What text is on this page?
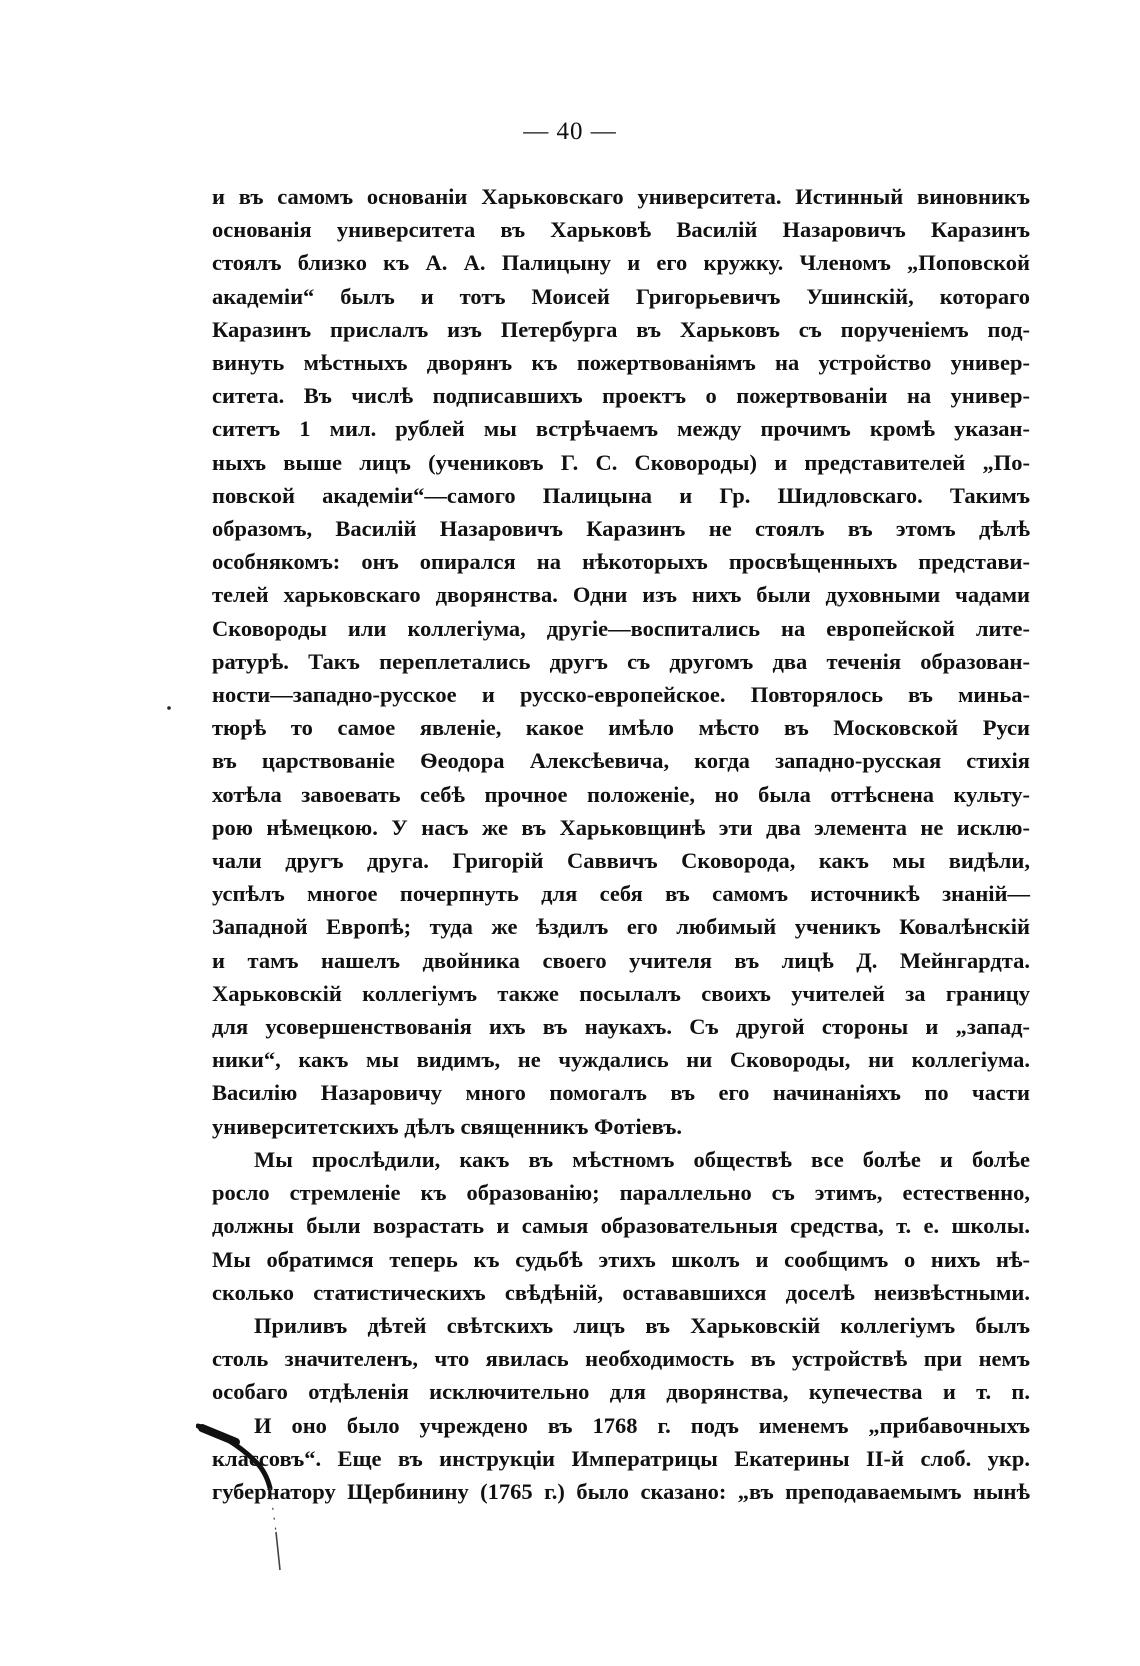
— 40 —
и въ самомъ основанiи Харьковскаго университета. Истинный виновникъ
основанiя университета въ Харьковѣ Василiй Назаровичъ Каразинъ
стоялъ близко къ А. А. Палицыну и его кружку. Членомъ „Поповской
академiи“ былъ и тотъ Моисей Григорьевичъ Ушинскiй, котораго
Каразинъ прислалъ изъ Петербурга въ Харьковъ съ порученiемъ под-
винуть мѣстныхъ дворянъ къ пожертвованiямъ на устройство универ-
ситета. Въ числѣ подписавшихъ проектъ о пожертвованiи на универ-
ситетъ 1 мил. рублей мы встрѣчаемъ между прочимъ кромѣ указан-
ныхъ выше лицъ (учениковъ Г. С. Сковороды) и представителей „По-
повской академiи“—самого Палицына и Гр. Шидловскаго. Такимъ
образомъ, Василiй Назаровичъ Каразинъ не стоялъ въ этомъ дѣлѣ
особнякомъ: онъ опирался на нѣкоторыхъ просвѣщенныхъ представи-
телей харьковскаго дворянства. Одни изъ нихъ были духовными чадами
Сковороды или коллегiума, другiе—воспитались на европейской лите-
ратурѣ. Такъ переплетались другъ съ другомъ два теченiя образован-
ности—западно-русское и русско-европейское. Повторялось въ миньа-
тюрѣ то самое явленiе, какое имѣло мѣсто въ Московской Руси
въ царствованiе Ѳеодора Алексѣевича, когда западно-русская стихiя
хотѣла завоевать себѣ прочное положенiе, но была оттѣснена культу-
рою нѣмецкою. У насъ же въ Харьковщинѣ эти два элемента не исклю-
чали другъ друга. Григорiй Саввичъ Сковорода, какъ мы видѣли,
успѣлъ многое почерпнуть для себя въ самомъ источникѣ знанiй—
Западной Европѣ; туда же ѣздилъ его любимый ученикъ Ковалѣнскiй
и тамъ нашелъ двойника своего учителя въ лицѣ Д. Мейнгардта.
Харьковскiй коллегiумъ также посылалъ своихъ учителей за границу
для усовершенствованiя ихъ въ наукахъ. Съ другой стороны и „запад-
ники“, какъ мы видимъ, не чуждались ни Сковороды, ни коллегiума.
Василiю Назаровичу много помогалъ въ его начинанiяхъ по части
университетскихъ дѣлъ священникъ Фотiевъ.
Мы прослѣдили, какъ въ мѣстномъ обществѣ все болѣе и болѣе
росло стремленiе къ образованiю; параллельно съ этимъ, естественно,
должны были возрастать и самыя образовательныя средства, т. е. школы.
Мы обратимся теперь къ судьбѣ этихъ школъ и сообщимъ о нихъ нѣ-
сколько статистическихъ свѣдѣнiй, остававшихся доселѣ неизвѣстными.
Приливъ дѣтей свѣтскихъ лицъ въ Харьковскiй коллегiумъ былъ
столь значителенъ, что явилась необходимость въ устройствѣ при немъ
особаго отдѣленiя исключительно для дворянства, купечества и т. п.
И оно было учреждено въ 1768 г. подъ именемъ „прибавочныхъ
классовъ“. Еще въ инструкцiи Императрицы Екатерины II-й слоб. укр.
губернатору Щербинину (1765 г.) было сказано: „въ преподаваемымъ нынѣ
